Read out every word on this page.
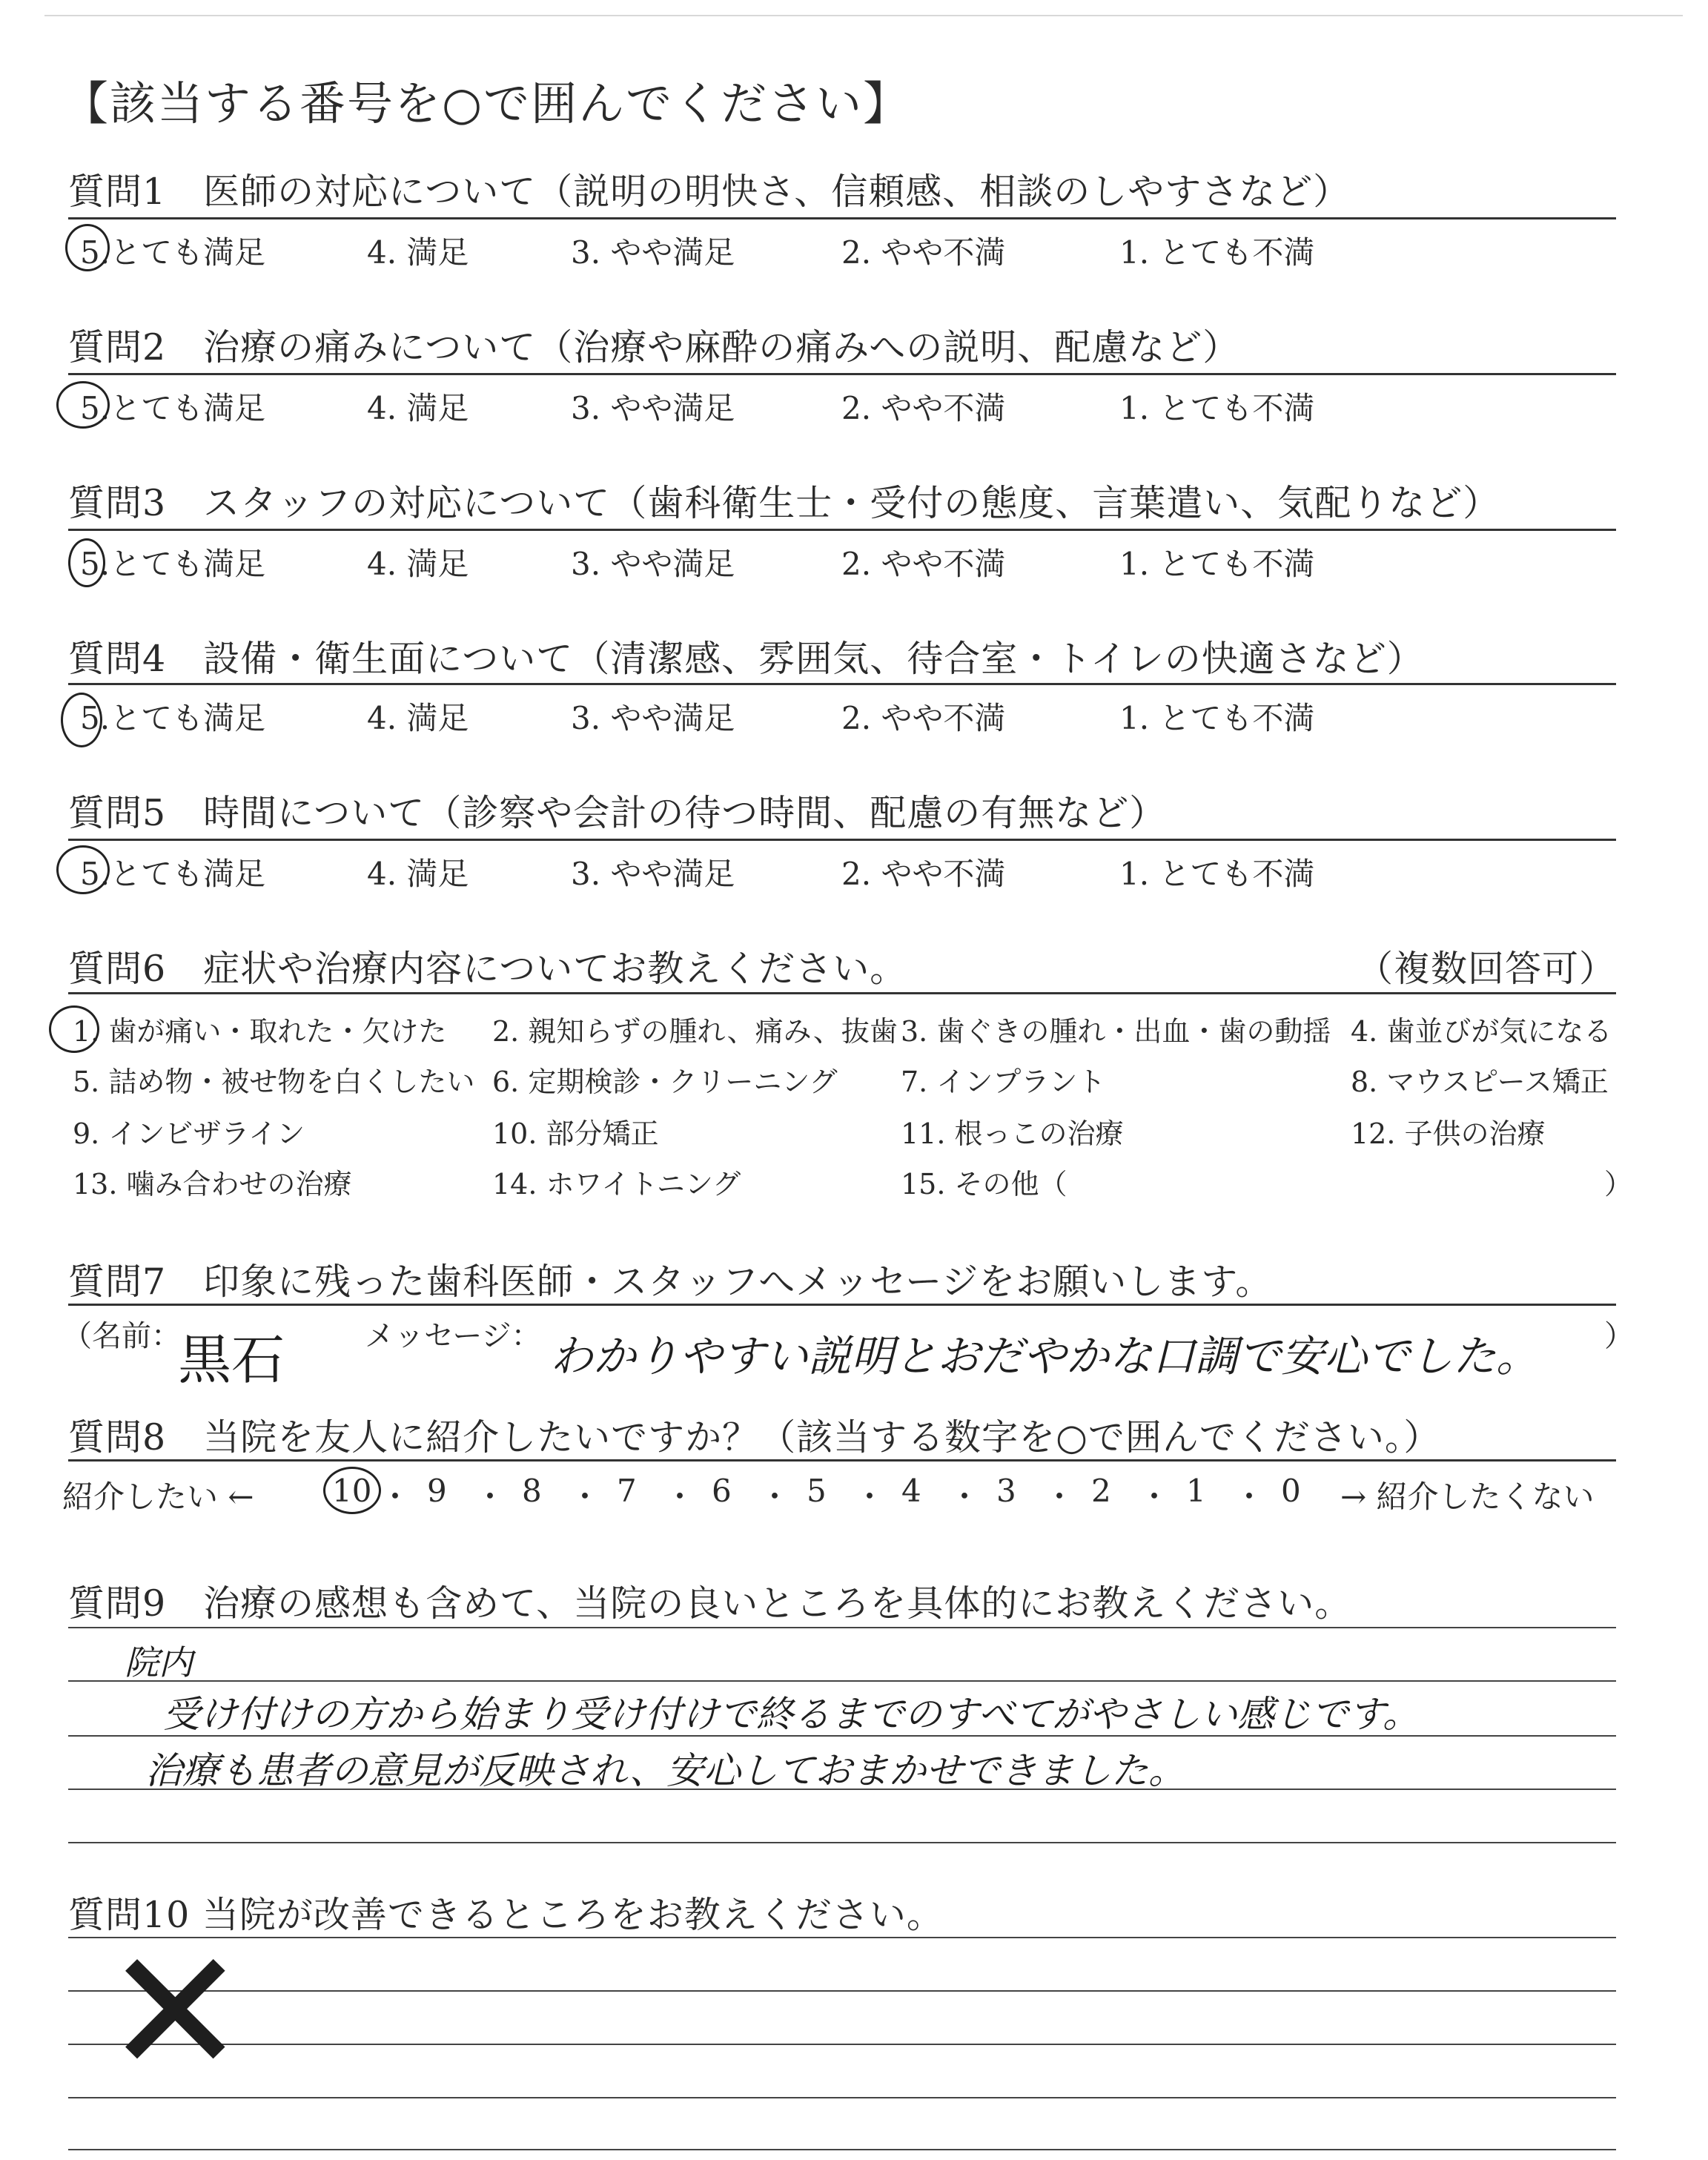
【該当する番号を○で囲んでください】
質問1　医師の対応について（説明の明快さ、信頼感、相談のしやすさなど）
5.とても満足	4. 満足	3. やや満足	2. やや不満	1. とても不満
質問2　治療の痛みについて（治療や麻酔の痛みへの説明、配慮など）
5.とても満足	4. 満足	3. やや満足	2. やや不満	1. とても不満
質問3　スタッフの対応について（歯科衛生士・受付の態度、言葉遣い、気配りなど）
5.とても満足	4. 満足	3. やや満足	2. やや不満	1. とても不満
質問4　設備・衛生面について（清潔感、雰囲気、待合室・トイレの快適さなど）
5.とても満足	4. 満足	3. やや満足	2. やや不満	1. とても不満
質問5　時間について（診察や会計の待つ時間、配慮の有無など）
5.とても満足	4. 満足	3. やや満足	2. やや不満	1. とても不満
質問6　症状や治療内容についてお教えください。	（複数回答可）
1. 歯が痛い・取れた・欠けた 2. 親知らずの腫れ、痛み、抜歯 3. 歯ぐきの腫れ・出血・歯の動揺 4. 歯並びが気になる
5. 詰め物・被せ物を白くしたい 6. 定期検診・クリーニング 7. インプラント	8. マウスピース矯正
9. インビザライン	10. 部分矯正	11. 根っこの治療	12. 子供の治療
13. 噛み合わせの治療	14. ホワイトニング	15. その他（	）
質問7　印象に残った歯科医師・スタッフへメッセージをお願いします。
（名前：
黒石	メッセージ： わかりやすい説明とおだやかな口調で安心でした。 ）
質問8　当院を友人に紹介したいですか？（該当する数字を○で囲んでください。）
紹介したい ←	10 ・ 9 ・ 8 ・ 7 ・ 6 ・ 5 ・ 4 ・ 3 ・ 2 ・ 1 ・ 0 → 紹介したくない
質問9　治療の感想も含めて、当院の良いところを具体的にお教えください。
院内
受け付けの方から始まり受け付けで終るまでのすべてがやさしい感じです。
治療も患者の意見が反映され、安心しておまかせできました。
質問10 当院が改善できるところをお教えください。
✕
